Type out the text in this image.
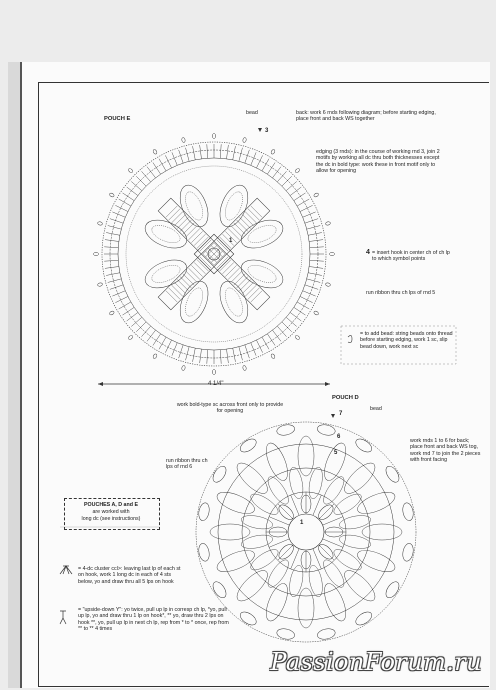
POUCH E
bead
3
1
back: work 6 rnds following diagram; before starting edging, place front and back WS together
edging (3 rnds): in the course of working rnd 3, join 2 motifs by working all dc thru both thicknesses except the dc in bold type: work these in front motif only to allow for opening
4 = insert hook in center ch of ch lp to which symbol points
run ribbon thru ch lps of rnd 5
= to add bead: string beads onto thread before starting edging, work 1 sc, slip bead down, work next sc
4 1/4"
work bold-type sc across front only to provide for opening
POUCH D
bead
7
6
5
1
work rnds 1 to 6 for back; place front and back WS tog, work rnd 7 to join the 2 pieces with front facing
run ribbon thru ch lps of rnd 6
POUCHES A, D and E
are worked with
long dc (see instructions)
= 4-dc cluster ccl>: leaving last lp of each st on hook, work 1 long dc in each of 4 sts below, yo and draw thru all 5 lps on hook
= "upside-down Y": yo twice, pull up lp in corresp ch lp, *yo, pull up lp, yo and draw thru 1 lp on hook*, ** yo, draw thru 2 lps on hook **, yo, pull up lp in next ch lp, rep from * to * once, rep from ** to ** 4 times
PassionForum.ru
